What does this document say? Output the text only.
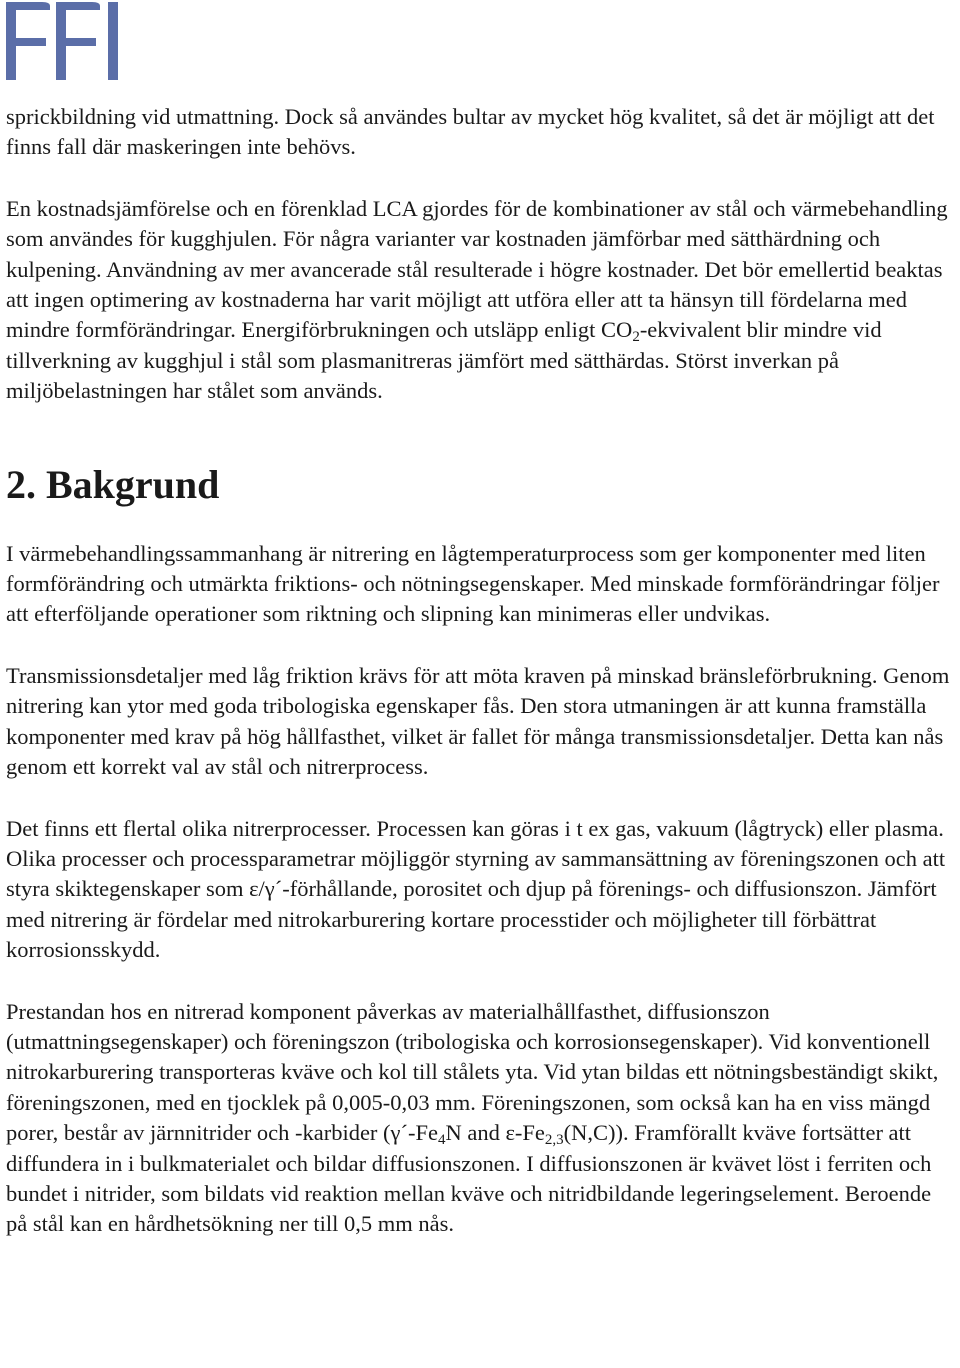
sprickbildning vid utmattning. Dock så användes bultar av mycket hög kvalitet, så det är möjligt att det finns fall där maskeringen inte behövs.

En kostnadsjämförelse och en förenklad LCA gjordes för de kombinationer av stål och värmebehandling som användes för kugghjulen. För några varianter var kostnaden jämförbar med sätthärdning och kulpening. Användning av mer avancerade stål resulterade i högre kostnader. Det bör emellertid beaktas att ingen optimering av kostnaderna har varit möjligt att utföra eller att ta hänsyn till fördelarna med mindre formförändringar. Energiförbrukningen och utsläpp enligt $CO_2$-ekvivalent blir mindre vid tillverkning av kugghjul i stål som plasmanitreras jämfört med sätthärdas. Störst inverkan på miljöbelastningen har stålet som används.

2. Bakgrund

I värmebehandlingssammanhang är nitrering en lågtemperaturprocess som ger komponenter med liten formförändring och utmärkta friktions- och nötningsegenskaper. Med minskade formförändringar följer att efterföljande operationer som riktning och slipning kan minimeras eller undvikas.

Transmissionsdetaljer med låg friktion krävs för att möta kraven på minskad bränsleförbrukning. Genom nitrering kan ytor med goda tribologiska egenskaper fås. Den stora utmaningen är att kunna framställa komponenter med krav på hög hållfasthet, vilket är fallet för många transmissionsdetaljer. Detta kan nås genom ett korrekt val av stål och nitrerprocess.

Det finns ett flertal olika nitrerprocesser. Processen kan göras i t ex gas, vakuum (lågtryck) eller plasma. Olika processer och processparametrar möjliggör styrning av sammansättning av föreningszonen och att styra skiktegenskaper som ε/γ´-förhållande, porositet och djup på förenings- och diffusionszon. Jämfört med nitrering är fördelar med nitrokarburering kortare processtider och möjligheter till förbättrat korrosionsskydd.

Prestandan hos en nitrerad komponent påverkas av materialhållfasthet, diffusionszon (utmattningsegenskaper) och föreningszon (tribologiska och korrosionsegenskaper). Vid konventionell nitrokarburering transporteras kväve och kol till stålets yta. Vid ytan bildas ett nötningsbeständigt skikt, föreningszonen, med en tjocklek på 0,005-0,03 mm. Föreningszonen, som också kan ha en viss mängd porer, består av järnnitrider och -karbider ($\gamma´-Fe_4N$ and $\varepsilon-Fe_{2,3}(N,C)$). Framförallt kväve fortsätter att diffundera in i bulkmaterialet och bildar diffusionszonen. I diffusionszonen är kvävet löst i ferriten och bundet i nitrider, som bildats vid reaktion mellan kväve och nitridbildande legeringselement. Beroende på stål kan en hårdhetsökning ner till 0,5 mm nås.
